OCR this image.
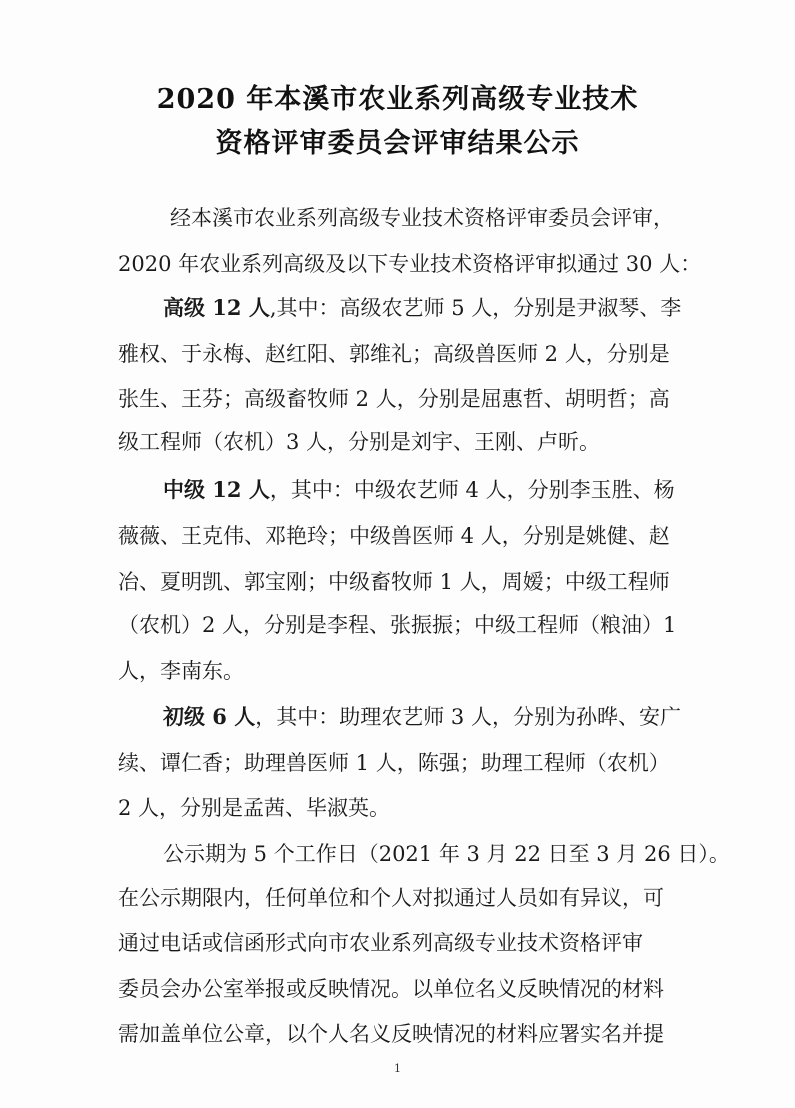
2020 年本溪市农业系列高级专业技术
资格评审委员会评审结果公示
经本溪市农业系列高级专业技术资格评审委员会评审，
2020 年农业系列高级及以下专业技术资格评审拟通过 30 人：
高级 12 人,其中：高级农艺师 5 人，分别是尹淑琴、李
雅权、于永梅、赵红阳、郭维礼；高级兽医师 2 人，分别是
张生、王芬；高级畜牧师 2 人，分别是屈惠哲、胡明哲；高
级工程师（农机）3 人，分别是刘宇、王刚、卢昕。
中级 12 人，其中：中级农艺师 4 人，分别李玉胜、杨
薇薇、王克伟、邓艳玲；中级兽医师 4 人，分别是姚健、赵
冶、夏明凯、郭宝刚；中级畜牧师 1 人，周嫒；中级工程师
（农机）2 人，分别是李程、张振振；中级工程师（粮油）1
人，李南东。
初级 6 人，其中：助理农艺师 3 人，分别为孙晔、安广
续、谭仁香；助理兽医师 1 人，陈强；助理工程师（农机）
2 人，分别是孟茜、毕淑英。
公示期为 5 个工作日（2021 年 3 月 22 日至 3 月 26 日）。
在公示期限内，任何单位和个人对拟通过人员如有异议，可
通过电话或信函形式向市农业系列高级专业技术资格评审
委员会办公室举报或反映情况。以单位名义反映情况的材料
需加盖单位公章，以个人名义反映情况的材料应署实名并提
1
